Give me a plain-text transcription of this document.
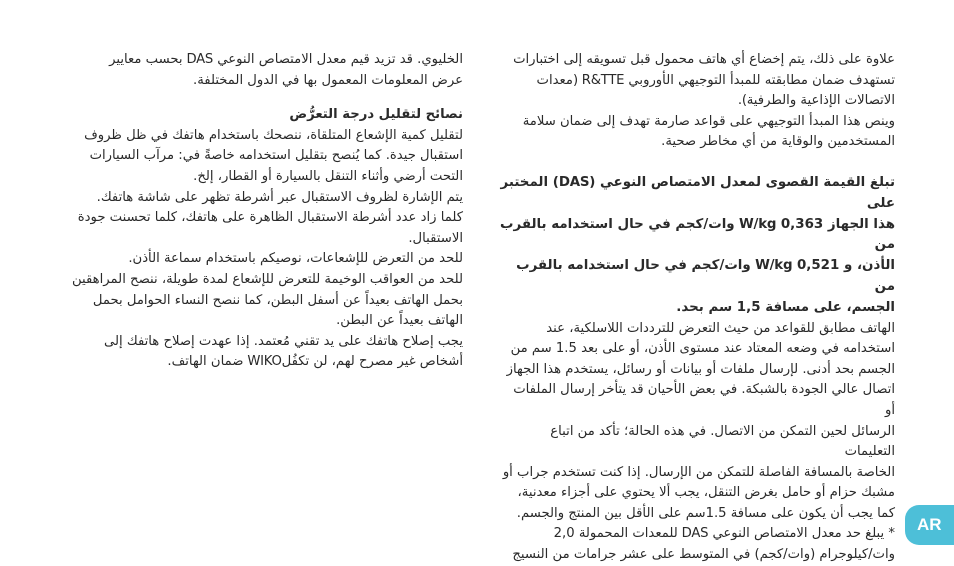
علاوة على ذلك، يتم إخضاع أي هاتف محمول قبل تسويقه إلى اختبارات
تستهدف ضمان مطابقته للمبدأ التوجيهي الأوروبي R&TTE (معدات
الاتصالات الإذاعية والطرفية).

وينص هذا المبدأ التوجيهي على قواعد صارمة تهدف إلى ضمان سلامة
المستخدمين والوقاية من أي مخاطر صحية.

تبلغ القيمة القصوى لمعدل الامتصاص النوعي (DAS) المختبر على
هذا الجهاز 0,363 W/kg وات/كجم في حال استخدامه بالقرب من
الأذن، و 0,521 W/kg وات/كجم في حال استخدامه بالقرب من
الجسم، على مسافة 1,5 سم بحد.

الهاتف مطابق للقواعد من حيث التعرض للترددات اللاسلكية، عند
استخدامه في وضعه المعتاد عند مستوى الأذن، أو على بعد 1.5 سم من
الجسم بحد أدنى. لإرسال ملفات أو بيانات أو رسائل، يستخدم هذا الجهاز
اتصال عالي الجودة بالشبكة. في بعض الأحيان قد يتأخر إرسال الملفات أو
الرسائل لحين التمكن من الاتصال. في هذه الحالة؛ تأكد من اتباع التعليمات
الخاصة بالمسافة الفاصلة للتمكن من الإرسال. إذا كنت تستخدم جراب أو
مشبك حزام أو حامل بغرض التنقل، يجب ألا يحتوي على أجزاء معدنية،
كما يجب أن يكون على مسافة 1.5سم على الأقل بين المنتج والجسم.
* يبلغ حد معدل الامتصاص النوعي DAS للمعدات المحمولة 2,0
وات/كيلوجرام (وات/كجم) في المتوسط على عشر جرامات من النسيج

الخليوي. قد تزيد قيم معدل الامتصاص النوعي DAS بحسب معايير
عرض المعلومات المعمول بها في الدول المختلفة.

نصائح لتقليل درجة التعرُّض

لتقليل كمية الإشعاع المتلقاة، ننصحك باستخدام هاتفك في ظل ظروف
استقبال جيدة. كما يُنصح بتقليل استخدامه خاصةً في: مرآب السيارات
التحت أرضي وأثناء التنقل بالسيارة أو القطار، إلخ.
يتم الإشارة لظروف الاستقبال عبر أشرطة تظهر على شاشة هاتفك.
كلما زاد عدد أشرطة الاستقبال الظاهرة على هاتفك، كلما تحسنت جودة
الاستقبال.
للحد من التعرض للإشعاعات، نوصيكم باستخدام سماعة الأذن.
للحد من العواقب الوخيمة للتعرض للإشعاع لمدة طويلة، ننصح المراهقين
بحمل الهاتف بعيداً عن أسفل البطن، كما ننصح النساء الحوامل بحمل
الهاتف بعيداً عن البطن.
يجب إصلاح هاتفك على يد تقني مُعتمد. إذا عهدت إصلاح هاتفك إلى
أشخاص غير مصرح لهم، لن تكفُلWIKO ضمان الهاتف.

AR
